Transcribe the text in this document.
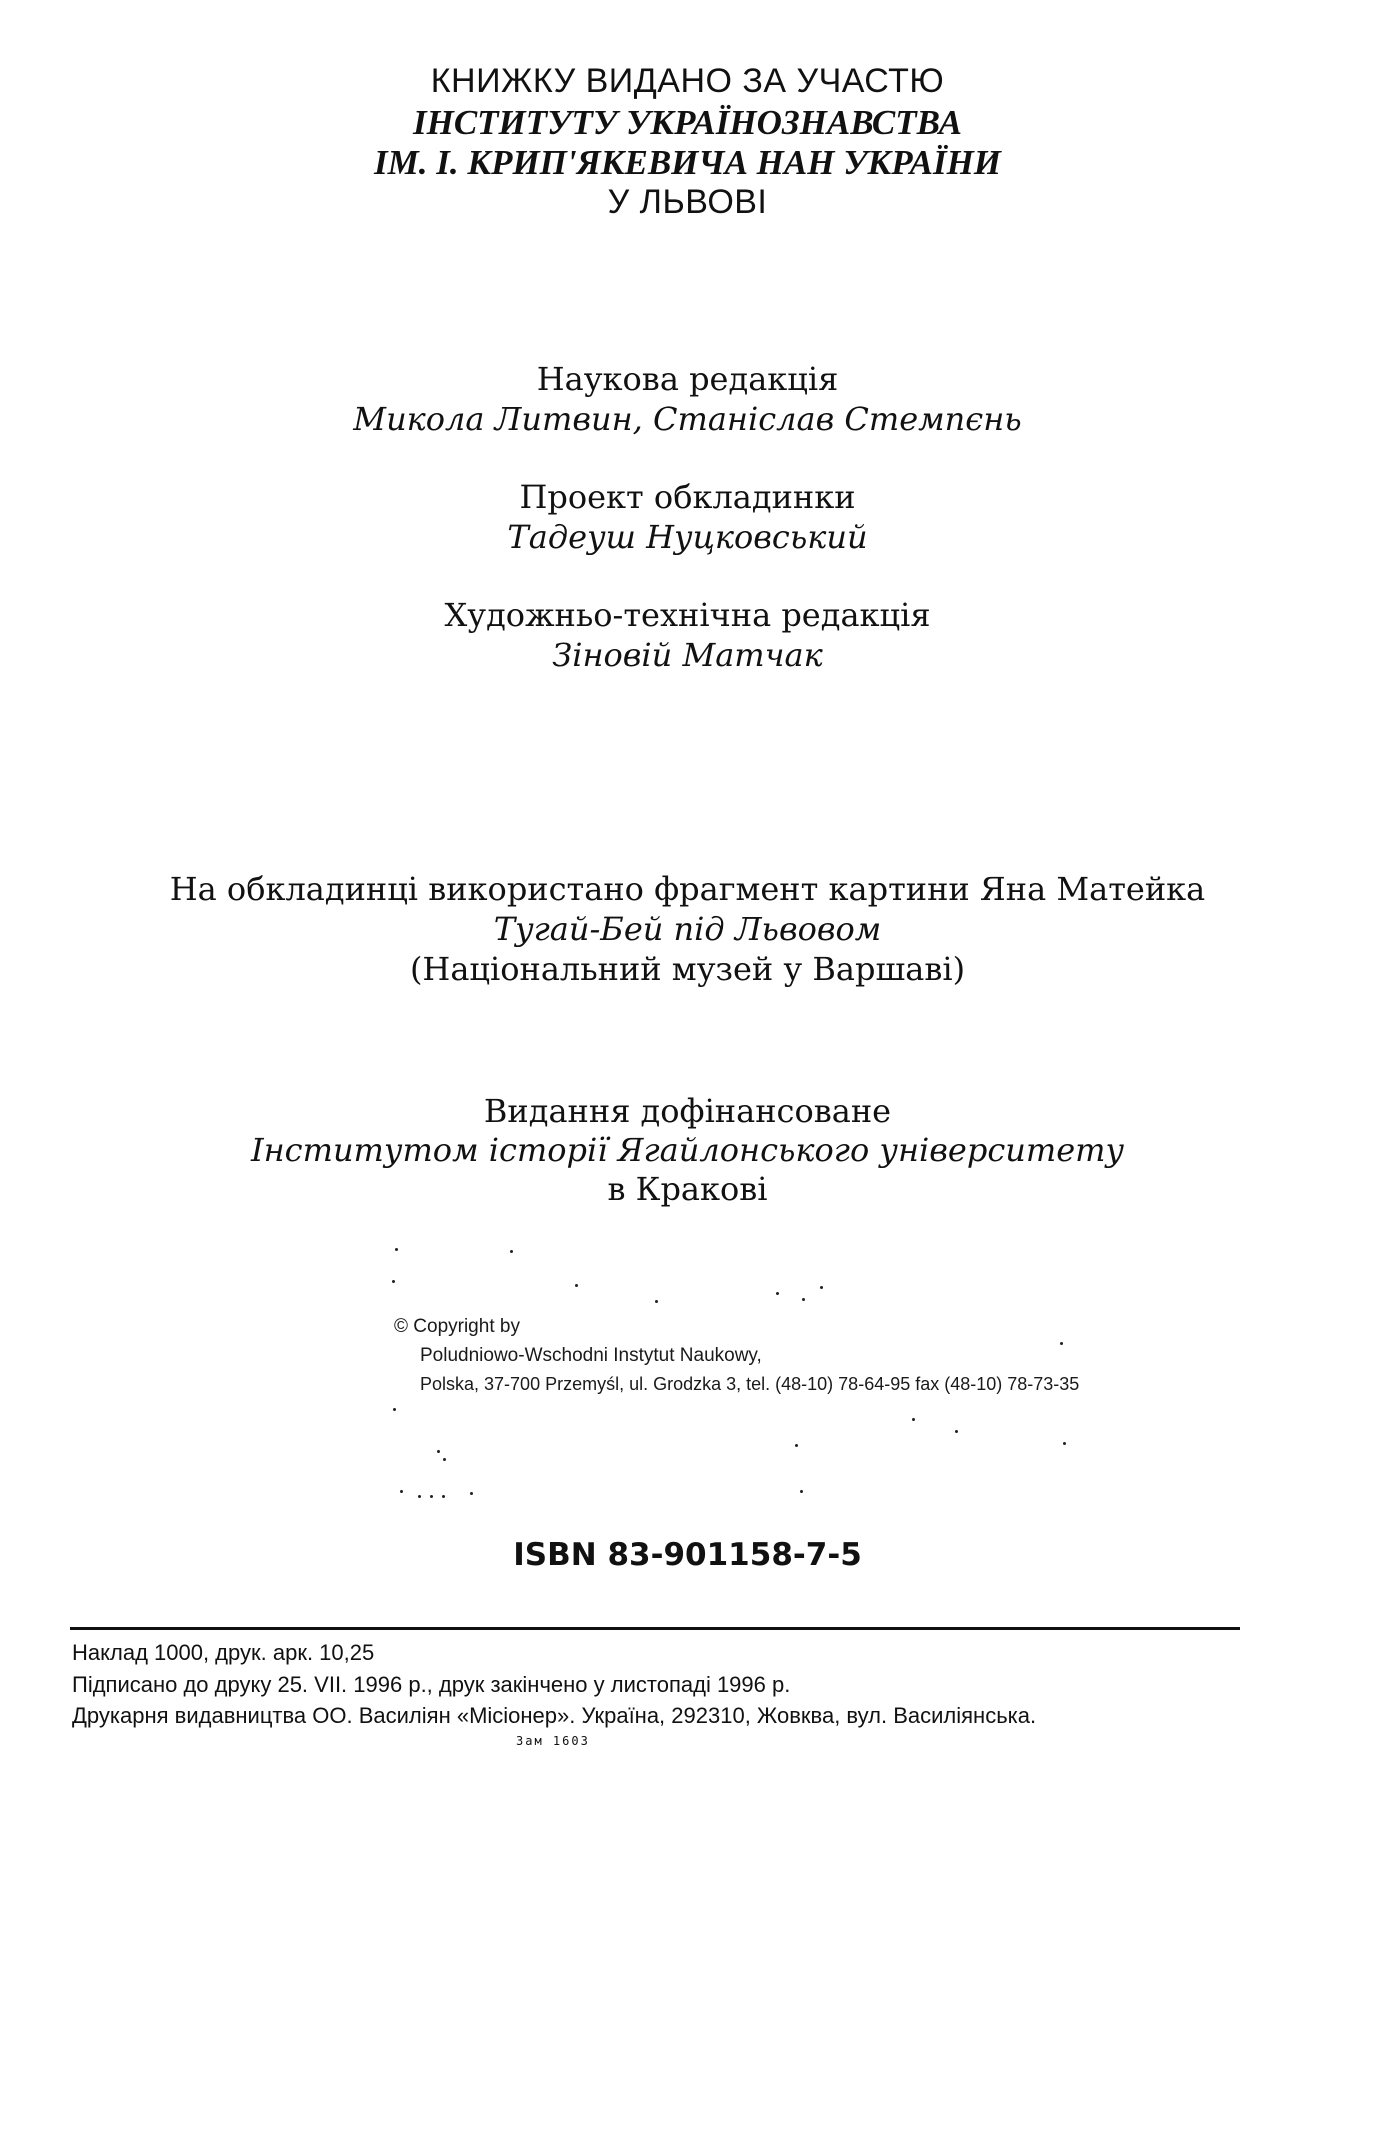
КНИЖКУ ВИДАНО ЗА УЧАСТЮ
ІНСТИТУТУ УКРАЇНОЗНАВСТВА
ІМ. І. КРИП'ЯКЕВИЧА НАН УКРАЇНИ
У ЛЬВОВІ
Наукова редакція
Микола Литвин, Станіслав Стемпєнь
Проект обкладинки
Тадеуш Нуцковський
Художньо-технічна редакція
Зіновій Матчак
На обкладинці використано фрагмент картини Яна Матейка
Тугай-Бей під Львовом
(Національний музей у Варшаві)
Видання дофінансоване
Інститутом історії Ягайлонського університету
в Кракові
© Copyright by
Poludniowo-Wschodni Instytut Naukowy,
Polska, 37-700 Przemyśl, ul. Grodzka 3, tel. (48-10) 78-64-95 fax (48-10) 78-73-35
ISBN 83-901158-7-5
Наклад 1000, друк. арк. 10,25
Підписано до друку 25. VII. 1996 р., друк закінчено у листопаді 1996 р.
Друкарня видавництва ОО. Василіян «Місіонер». Україна, 292310, Жовква, вул. Василіянська.
Зам 1603
